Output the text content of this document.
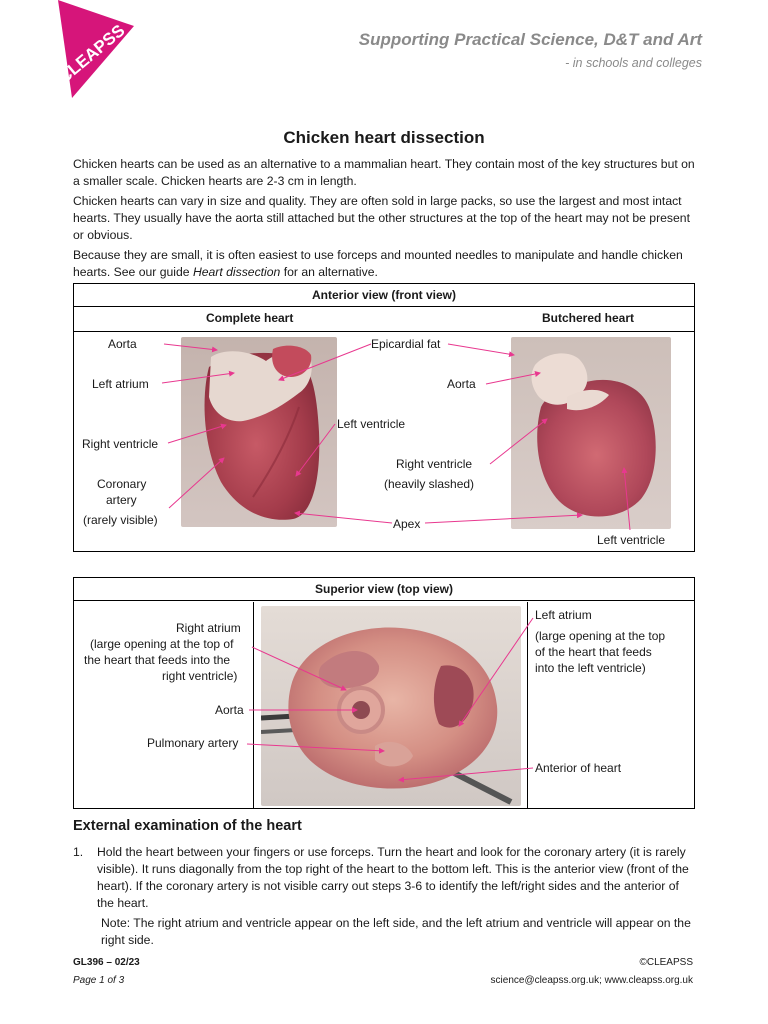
CLEAPSS	Supporting Practical Science, D&T and Art
- in schools and colleges
Chicken heart dissection

Chicken hearts can be used as an alternative to a mammalian heart. They contain most of the key structures but on a smaller scale. Chicken hearts are 2-3 cm in length.

Chicken hearts can vary in size and quality. They are often sold in large packs, so use the largest and most intact hearts. They usually have the aorta still attached but the other structures at the top of the heart may not be present or obvious.

Because they are small, it is often easiest to use forceps and mounted needles to manipulate and handle chicken hearts. See our guide Heart dissection for an alternative.

Anterior view (front view)

Complete heart	Butchered heart

Aorta
Left atrium
Right ventricle
Coronary
artery
(rarely visible)
Epicardial fat
Left ventricle
Aorta
Right ventricle
(heavily slashed)
Apex
Left ventricle
Superior view (top view)

Right atrium
(large opening at the top of
the heart that feeds into the
right ventricle)
Aorta
Pulmonary artery
Left atrium
(large opening at the top
of the heart that feeds
into the left ventricle)
Anterior of heart
External examination of the heart
1.	Hold the heart between your fingers or use forceps. Turn the heart and look for the coronary artery (it is rarely visible). It runs diagonally from the top right of the heart to the bottom left. This is the anterior view (front of the heart). If the coronary artery is not visible carry out steps 3-6 to identify the left/right sides and the anterior of the heart.
Note: The right atrium and ventricle appear on the left side, and the left atrium and ventricle will appear on the right side.
GL396 – 02/23
Page 1 of 3
©CLEAPSS
science@cleapss.org.uk; www.cleapss.org.uk
